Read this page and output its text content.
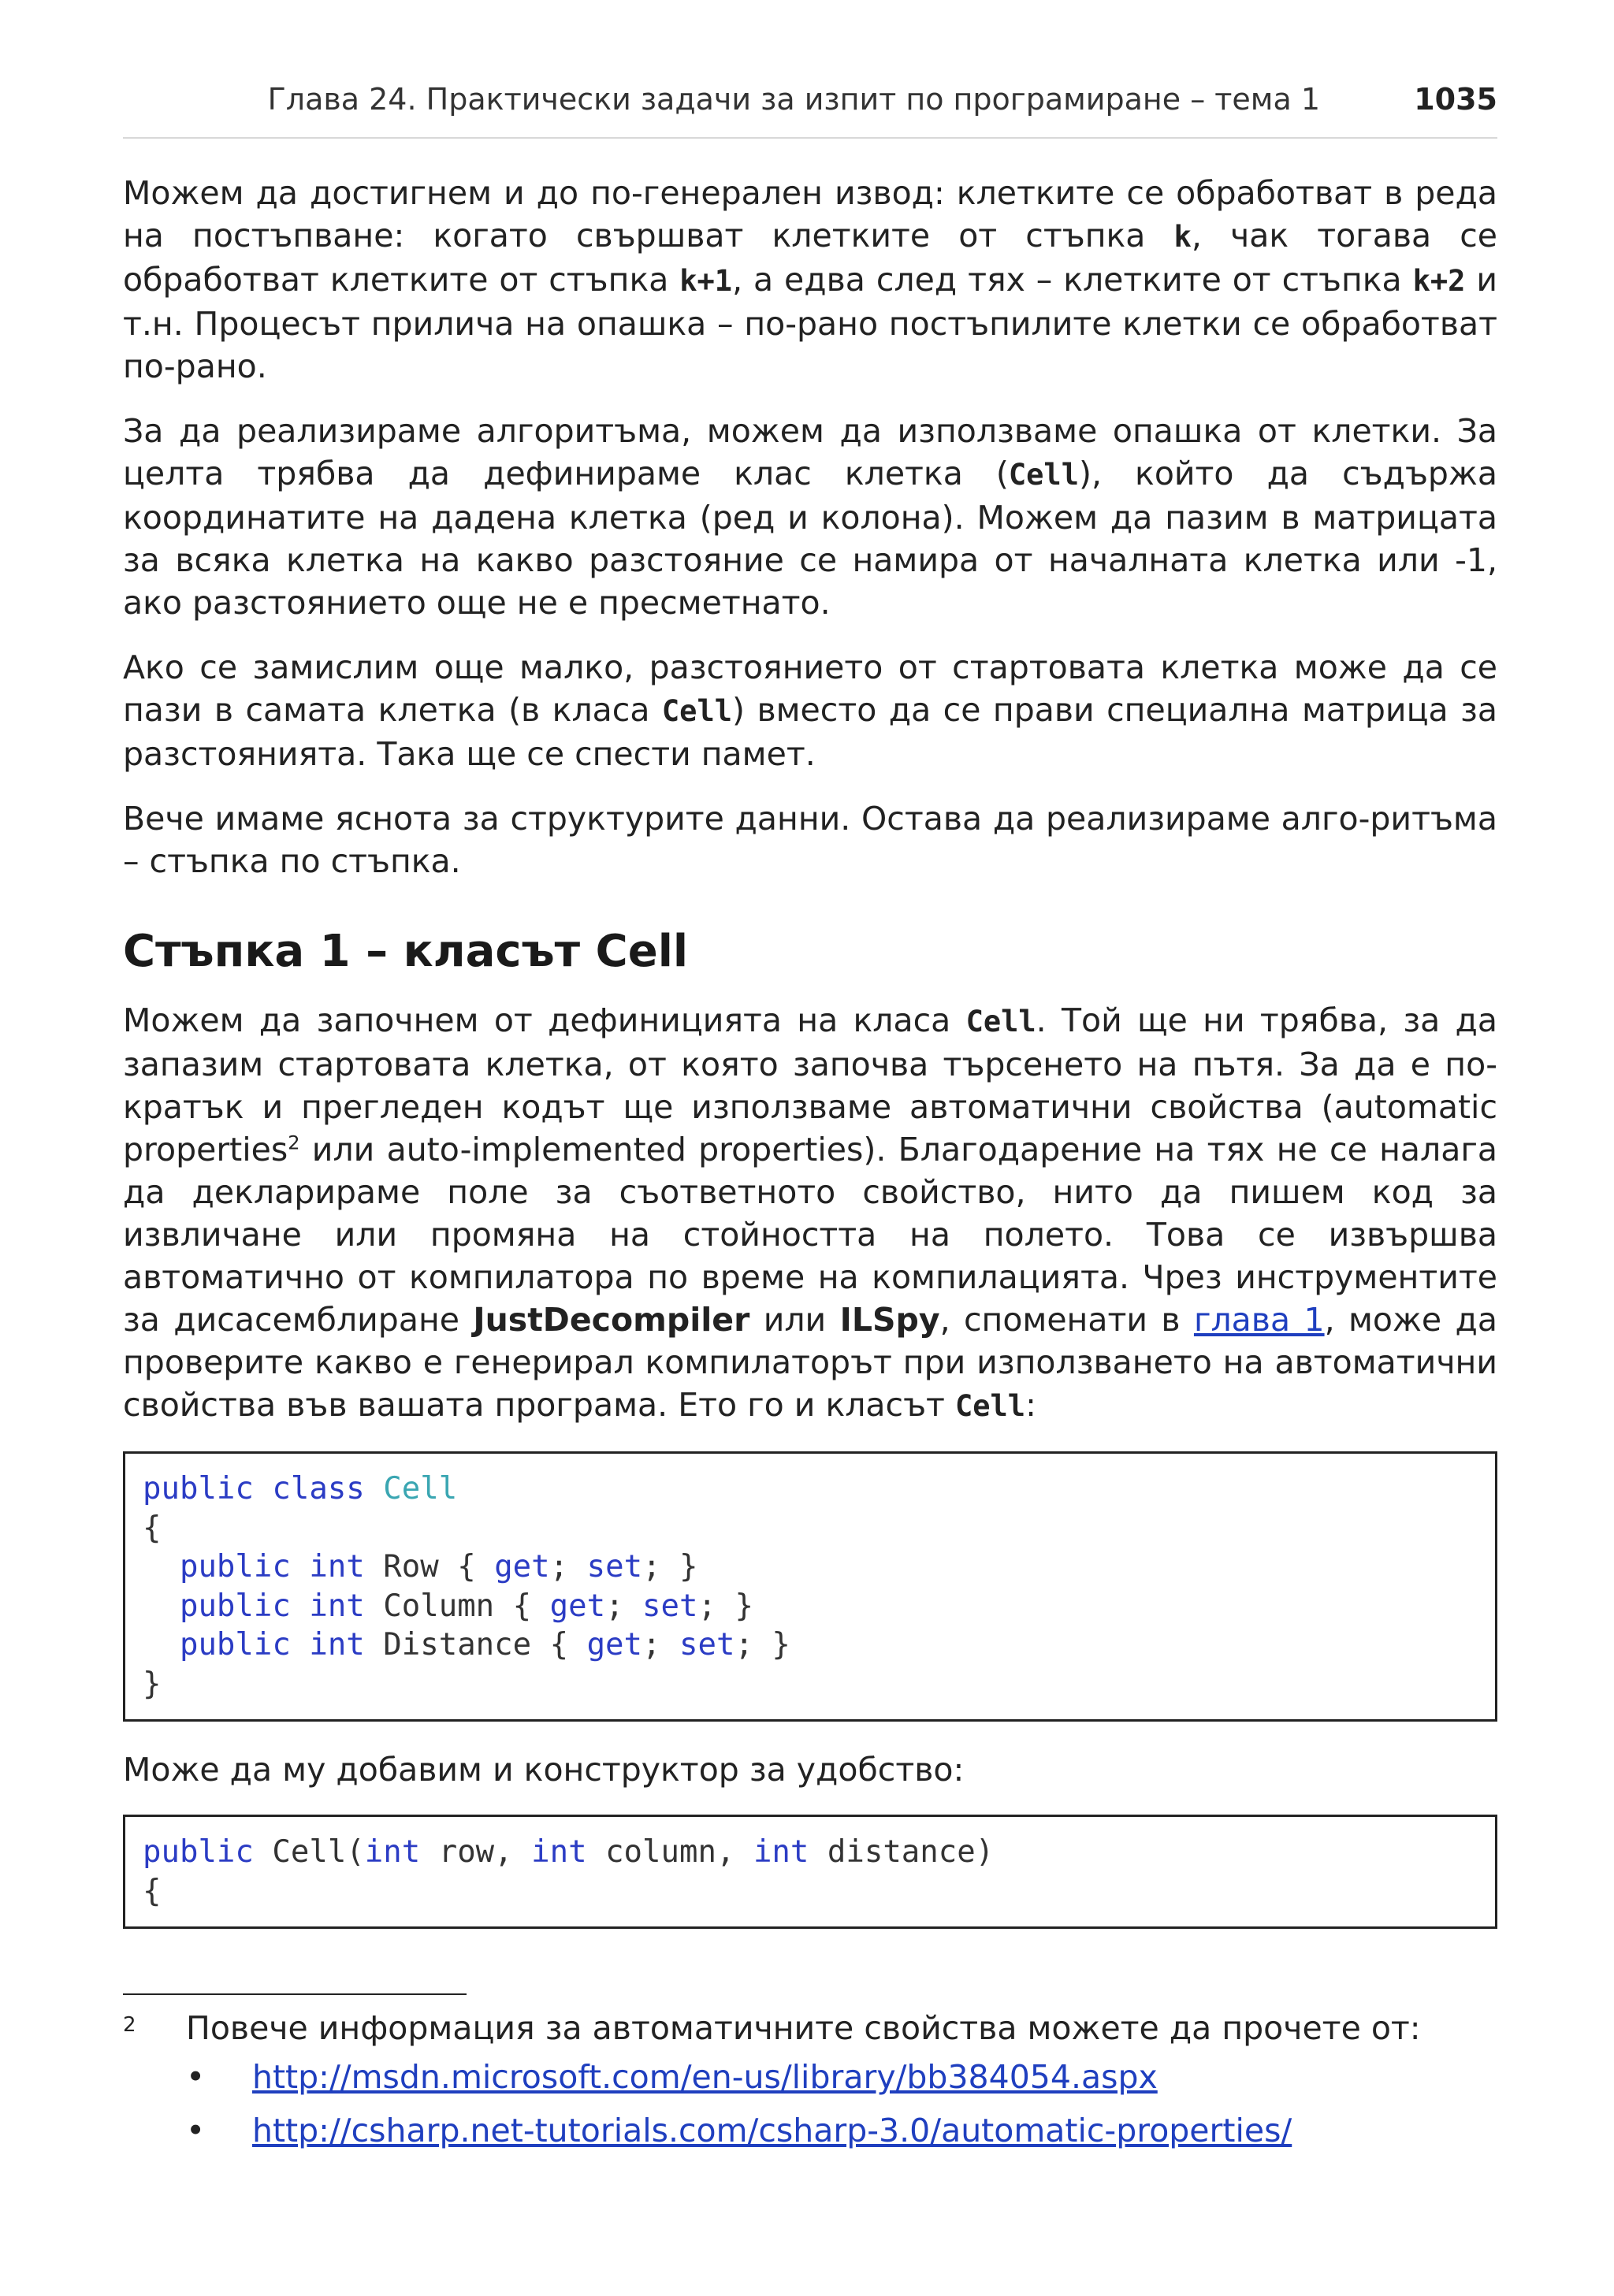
Глава 24. Практически задачи за изпит по програмиране – тема 1	1035

Можем да достигнем и до по-генерален извод: клетките се обработват в реда на постъпване: когато свършват клетките от стъпка k, чак тогава се обработват клетките от стъпка k+1, а едва след тях – клетките от стъпка k+2 и т.н. Процесът прилича на опашка – по-рано постъпилите клетки се обработват по-рано.

За да реализираме алгоритъма, можем да използваме опашка от клетки. За целта трябва да дефинираме клас клетка (Cell), който да съдържа координатите на дадена клетка (ред и колона). Можем да пазим в матрицата за всяка клетка на какво разстояние се намира от началната клетка или -1, ако разстоянието още не е пресметнато.

Ако се замислим още малко, разстоянието от стартовата клетка може да се пази в самата клетка (в класа Cell) вместо да се прави специална матрица за разстоянията. Така ще се спести памет.

Вече имаме яснота за структурите данни. Остава да реализираме алго-ритъма – стъпка по стъпка.

Стъпка 1 – класът Cell

Можем да започнем от дефиницията на класа Cell. Той ще ни трябва, за да запазим стартовата клетка, от която започва търсенето на пътя. За да е по-кратък и прегледен кодът ще използваме автоматични свойства (automatic properties$^2$ или auto-implemented properties). Благодарение на тях не се налага да декларираме поле за съответното свойство, нито да пишем код за извличане или промяна на стойността на полето. Това се извършва автоматично от компилатора по време на компилацията. Чрез инструментите за дисасемблиране JustDecompiler или ILSpy, споменати в глава 1, може да проверите какво е генерирал компилаторът при използването на автоматични свойства във вашата програма. Ето го и класът Cell:

public class Cell
{
public int Row { get; set; }
public int Column { get; set; }
public int Distance { get; set; }
}

Може да му добавим и конструктор за удобство:

public Cell(int row, int column, int distance)
{
2 Повече информация за автоматичните свойства можете да прочете от:
• http://msdn.microsoft.com/en-us/library/bb384054.aspx
• http://csharp.net-tutorials.com/csharp-3.0/automatic-properties/
